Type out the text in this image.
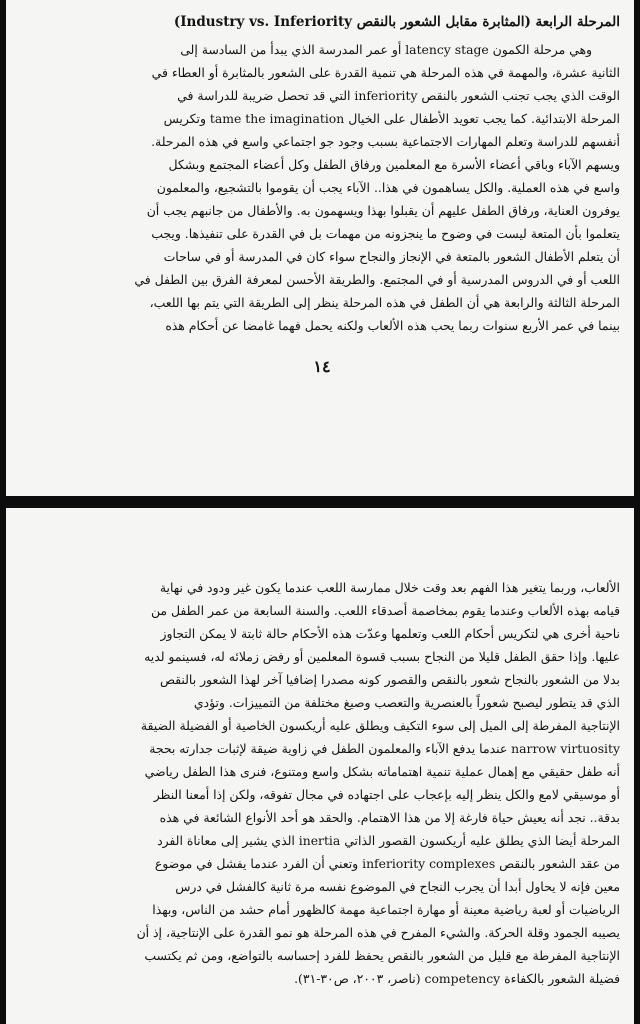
المرحلة الرابعة (المثابرة مقابل الشعور بالنقص Industry vs. Inferiority)

وهي مرحلة الكمون latency stage أو عمر المدرسة الذي يبدأ من السادسة إلى

الثانية عشرة، والمهمة في هذه المرحلة هي تنمية القدرة على الشعور بالمثابرة أو العطاء في

الوقت الذي يجب تجنب الشعور بالنقص inferiority التي قد تحصل ضريبة للدراسة في

المرحلة الابتدائية. كما يجب تعويد الأطفال على الخيال tame the imagination وتكريس

أنفسهم للدراسة وتعلم المهارات الاجتماعية بسبب وجود جو اجتماعي واسع في هذه المرحلة.

ويسهم الآباء وباقي أعضاء الأسرة مع المعلمين ورفاق الطفل وكل أعضاء المجتمع وبشكل

واسع في هذه العملية. والكل يساهمون في هذا.. الآباء يجب أن يقوموا بالتشجيع، والمعلمون

يوفرون العناية، ورفاق الطفل عليهم أن يقبلوا بهذا ويسهمون به. والأطفال من جانبهم يجب أن

يتعلموا بأن المتعة ليست في وضوح ما ينجزونه من مهمات بل في القدرة على تنفيذها. ويجب

أن يتعلم الأطفال الشعور بالمتعة في الإنجاز والنجاح سواء كان في المدرسة أو في ساحات

اللعب أو في الدروس المدرسية أو في المجتمع. والطريقة الأحسن لمعرفة الفرق بين الطفل في

المرحلة الثالثة والرابعة هي أن الطفل في هذه المرحلة ينظر إلى الطريقة التي يتم بها اللعب،

بينما في عمر الأربع سنوات ربما يحب هذه الألعاب ولكنه يحمل فهما غامضا عن أحكام هذه

١٤

الألعاب، وربما يتغير هذا الفهم بعد وقت خلال ممارسة اللعب عندما يكون غير ودود في نهاية

قيامه بهذه الألعاب وعندما يقوم بمخاصمة أصدقاء اللعب. والسنة السابعة من عمر الطفل من

ناحية أخرى هي لتكريس أحكام اللعب وتعلمها وعدّت هذه الأحكام حالة ثابتة لا يمكن التجاوز

عليها. وإذا حقق الطفل قليلا من النجاح بسبب قسوة المعلمين أو رفض زملائه له، فسينمو لديه

بدلا من الشعور بالنجاح شعور بالنقص والقصور كونه مصدرا إضافيا آخر لهذا الشعور بالنقص

الذي قد يتطور ليصبح شعوراً بالعنصرية والتعصب وصيغ مختلفة من التمييزات. وتؤدي

الإنتاجية المفرطة إلى الميل إلى سوء التكيف ويطلق عليه أريكسون الخاصية أو الفضيلة الضيقة

narrow virtuosity عندما يدفع الآباء والمعلمون الطفل في زاوية ضيقة لإثبات جدارته بحجة

أنه طفل حقيقي مع إهمال عملية تنمية اهتماماته بشكل واسع ومتنوع، فنرى هذا الطفل رياضي

أو موسيقي لامع والكل ينظر إليه بإعجاب على اجتهاده في مجال تفوقه، ولكن إذا أمعنا النظر

بدقة.. نجد أنه يعيش حياة فارغة إلا من هذا الاهتمام. والحقد هو أحد الأنواع الشائعة في هذه

المرحلة أيضا الذي يطلق عليه أريكسون القصور الذاتي inertia الذي يشير إلى معاناة الفرد

من عقد الشعور بالنقص inferiority complexes وتعني أن الفرد عندما يفشل في موضوع

معين فإنه لا يحاول أبدا أن يجرب النجاح في الموضوع نفسه مرة ثانية كالفشل في درس

الرياضيات أو لعبة رياضية معينة أو مهارة اجتماعية مهمة كالظهور أمام حشد من الناس، وبهذا

يصيبه الجمود وقلة الحركة. والشيء المفرح في هذه المرحلة هو نمو القدرة على الإنتاجية، إذ أن

الإنتاجية المفرطة مع قليل من الشعور بالنقص يحفظ للفرد إحساسه بالتواضع، ومن ثم يكتسب

فضيلة الشعور بالكفاءة competency (ناصر، ٢٠٠٣، ص٣٠-٣١).
